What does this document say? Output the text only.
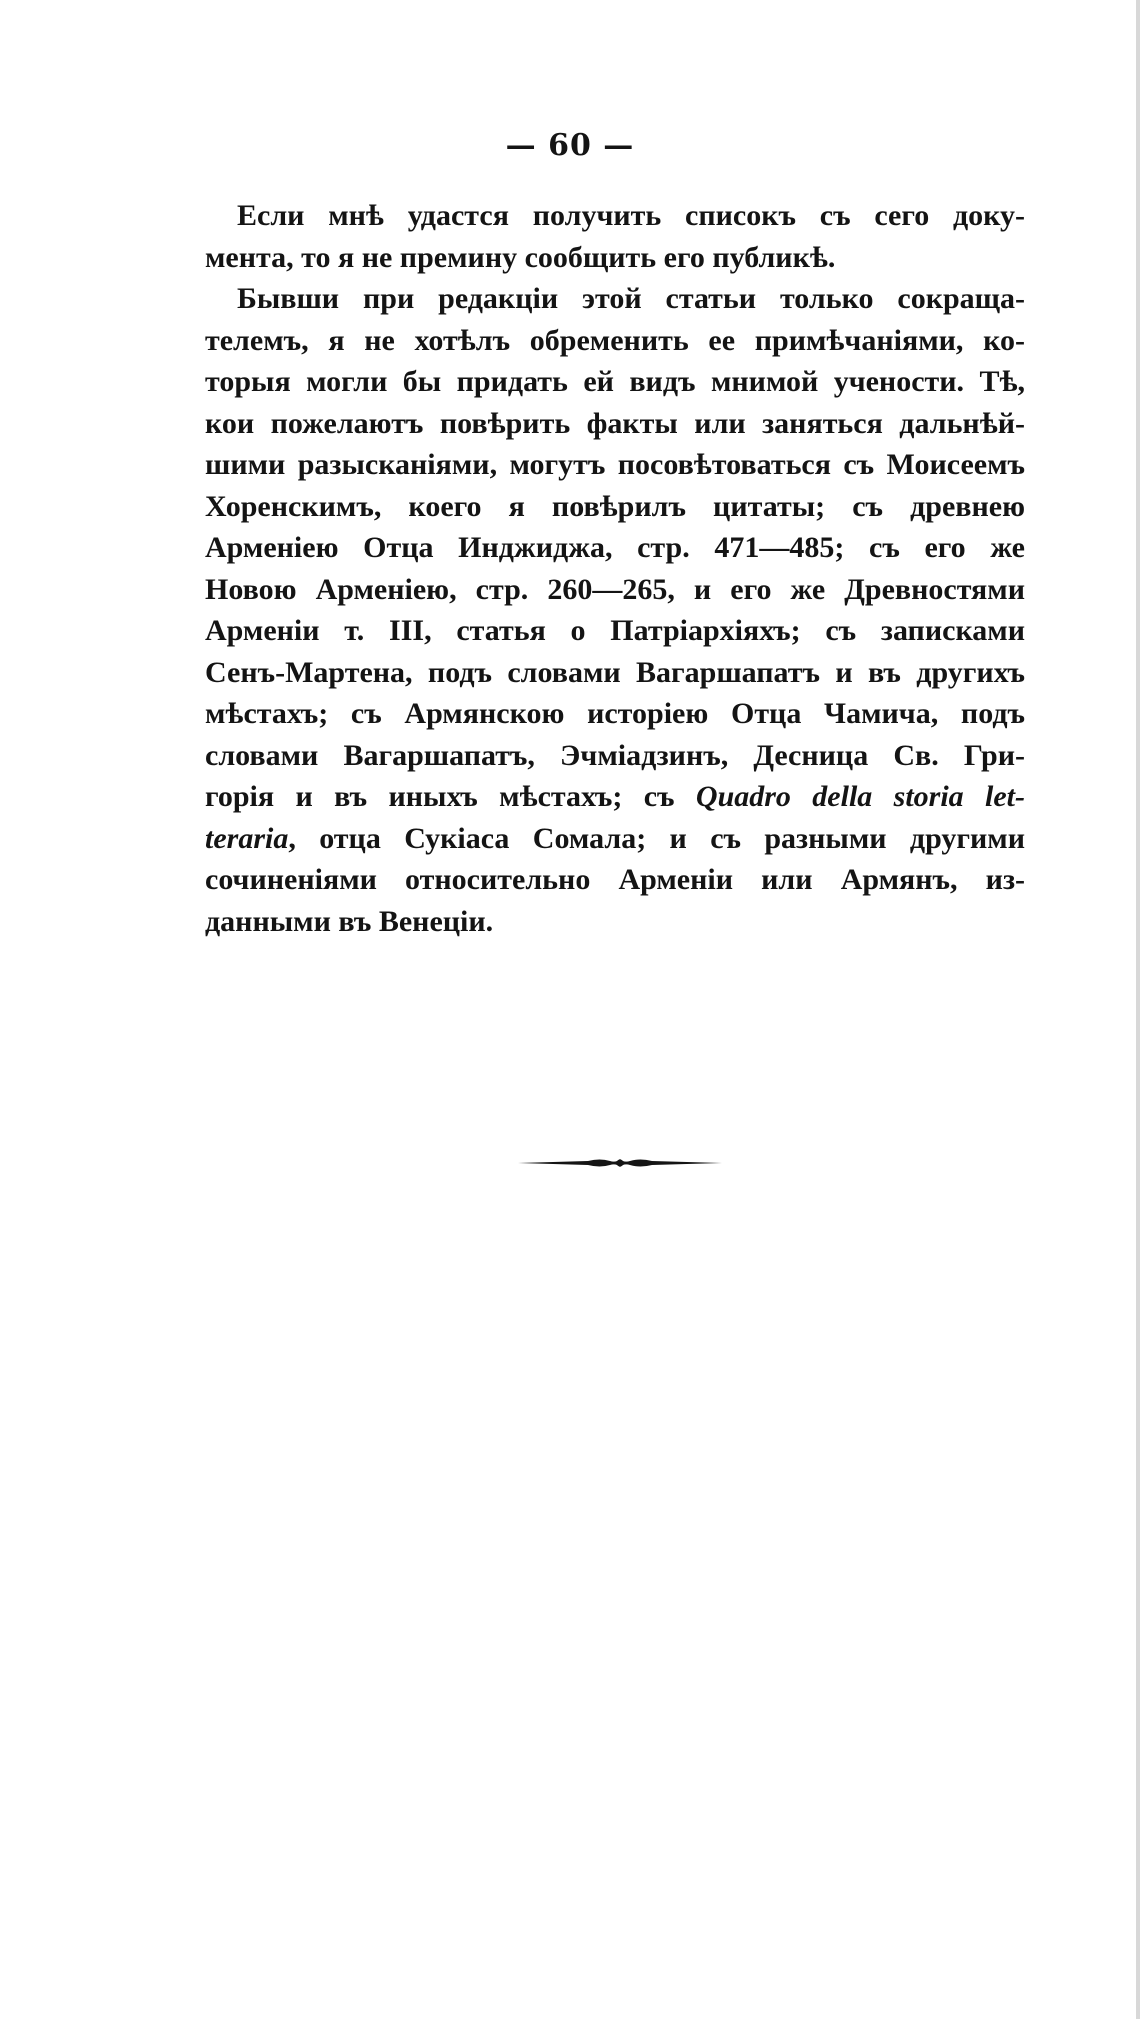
— 60 —
Если мнѣ удастся получить списокъ съ сего доку-
мента, то я не премину сообщить его публикѣ.
Бывши при редакціи этой статьи только сокраща-
телемъ, я не хотѣлъ обременить ее примѣчаніями, ко-
торыя могли бы придать ей видъ мнимой учености. Тѣ,
кои пожелаютъ повѣрить факты или заняться дальнѣй-
шими разысканіями, могутъ посовѣтоваться съ Моисеемъ
Хоренскимъ, коего я повѣрилъ цитаты; съ древнею
Арменіею Отца Инджиджа, стр. 471—485; съ его же
Новою Арменіею, стр. 260—265, и его же Древностями
Арменіи т. III, статья о Патріархіяхъ; съ записками
Сенъ-Мартена, подъ словами Вагаршапатъ и въ другихъ
мѣстахъ; съ Армянскою исторіею Отца Чамича, подъ
словами Вагаршапатъ, Эчміадзинъ, Десница Св. Гри-
горія и въ иныхъ мѣстахъ; съ Quadro della storia let-
teraria, отца Сукіаса Сомала; и съ разными другими
сочиненіями относительно Арменіи или Армянъ, из-
данными въ Венеціи.
